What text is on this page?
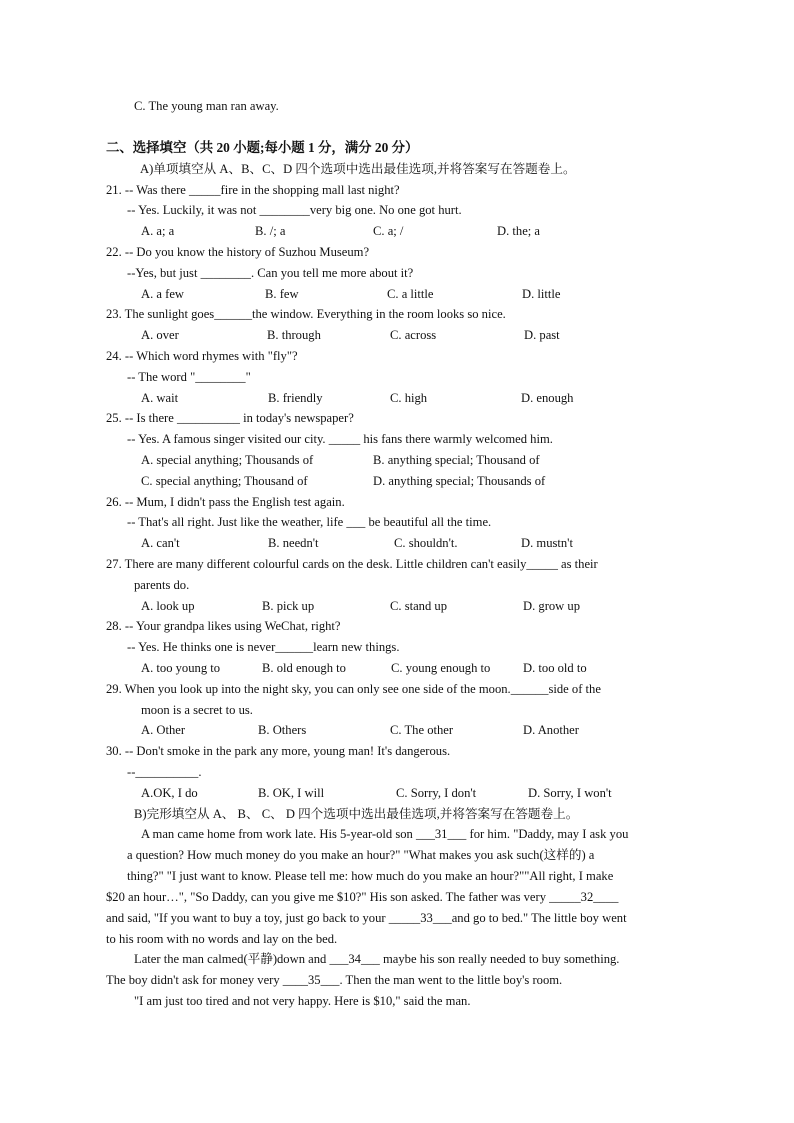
C. The young man ran away.
二、选择填空（共 20 小题;每小题 1 分，满分 20 分）
A)单项填空从 A、B、C、D 四个选项中选出最佳选项,并将答案写在答题卷上。
21. -- Was there _____fire in the shopping mall last night?
-- Yes. Luckily, it was not ________very big one. No one got hurt.
A. a; a	B. /; a	C. a; /	D. the; a
22. -- Do you know the history of Suzhou Museum?
--Yes, but just ________. Can you tell me more about it?
A. a few	B. few	C. a little	D. little
23. The sunlight goes______the window. Everything in the room looks so nice.
A. over	B. through	C. across	D. past
24. -- Which word rhymes with "fly"?
-- The word "________"
A. wait	B. friendly	C. high	D. enough
25. -- Is there __________ in today's newspaper?
-- Yes. A famous singer visited our city. _____ his fans there warmly welcomed him.
A. special anything; Thousands of	B. anything special; Thousand of
C. special anything; Thousand of	D. anything special; Thousands of
26. -- Mum, I didn't pass the English test again.
-- That's all right. Just like the weather, life ___ be beautiful all the time.
A. can't	B. needn't	C. shouldn't.	D. mustn't
27. There are many different colourful cards on the desk. Little children can't easily_____ as their
parents do.
A. look up	B. pick up	C. stand up	D. grow up
28. -- Your grandpa likes using WeChat, right?
-- Yes. He thinks one is never______learn new things.
A. too young to	B. old enough to	C. young enough to	D. too old to
29. When you look up into the night sky, you can only see one side of the moon.______side of the
moon is a secret to us.
A. Other	B. Others	C. The other	D. Another
30. -- Don't smoke in the park any more, young man! It's dangerous.
--__________.
A.OK, I do	B. OK, I will	C. Sorry, I don't	D. Sorry, I won't
B)完形填空从 A、 B、 C、 D 四个选项中选出最佳选项,并将答案写在答题卷上。
A man came home from work late. His 5-year-old son ___31___ for him. "Daddy, may I ask you
a question? How much money do you make an hour?" "What makes you ask such(这样的) a
thing?" "I just want to know. Please tell me: how much do you make an hour?""All right, I make
$20 an hour…", "So Daddy, can you give me $10?" His son asked. The father was very _____32____
and said, "If you want to buy a toy, just go back to your _____33___and go to bed." The little boy went
to his room with no words and lay on the bed.
Later the man calmed(平静)down and ___34___ maybe his son really needed to buy something.
The boy didn't ask for money very ____35___. Then the man went to the little boy's room.
"I am just too tired and not very happy. Here is $10," said the man.
